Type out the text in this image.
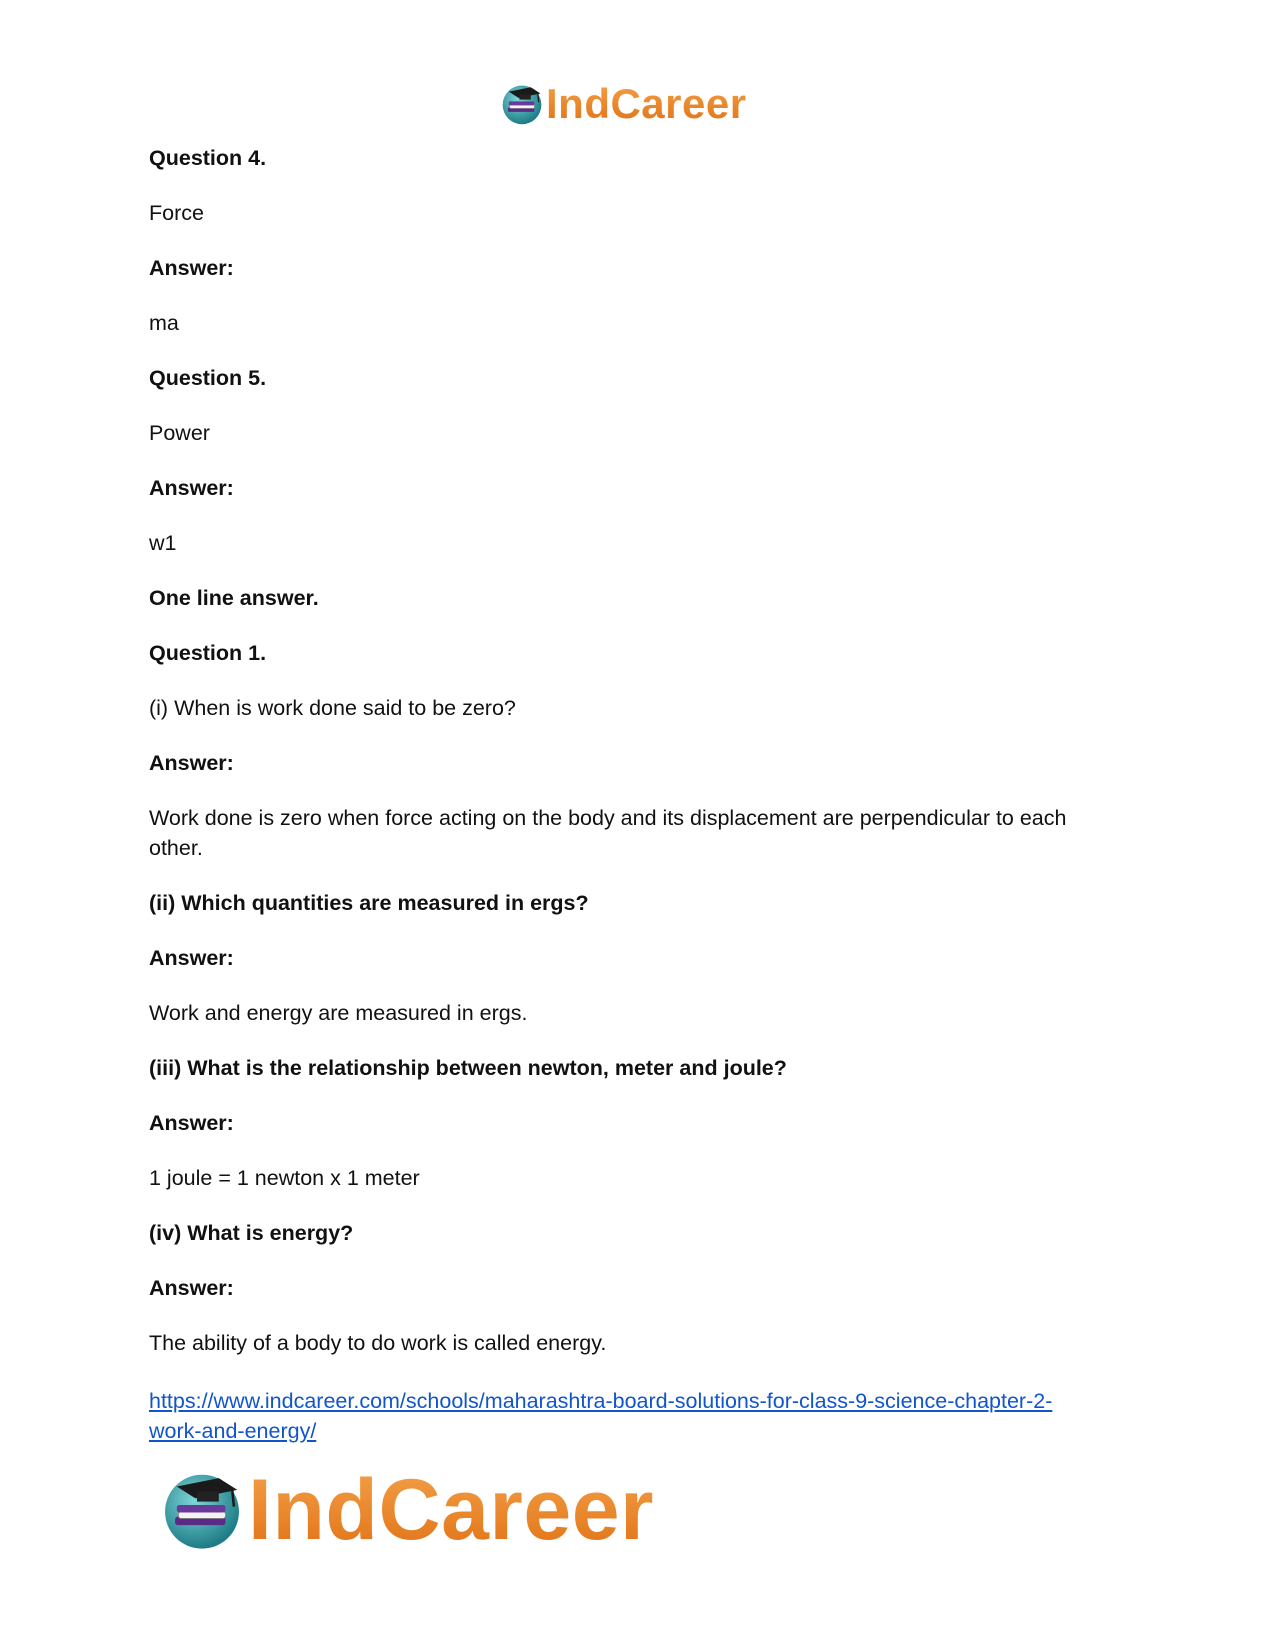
IndCareer

Question 4.

Force

Answer:

ma

Question 5.

Power

Answer:

w1

One line answer.

Question 1.

(i) When is work done said to be zero?

Answer:

Work done is zero when force acting on the body and its displacement are perpendicular to each other.

(ii) Which quantities are measured in ergs?

Answer:

Work and energy are measured in ergs.

(iii) What is the relationship between newton, meter and joule?

Answer:

1 joule = 1 newton x 1 meter

(iv) What is energy?

Answer:

The ability of a body to do work is called energy.

https://www.indcareer.com/schools/maharashtra-board-solutions-for-class-9-science-chapter-2-
work-and-energy/
IndCareer
